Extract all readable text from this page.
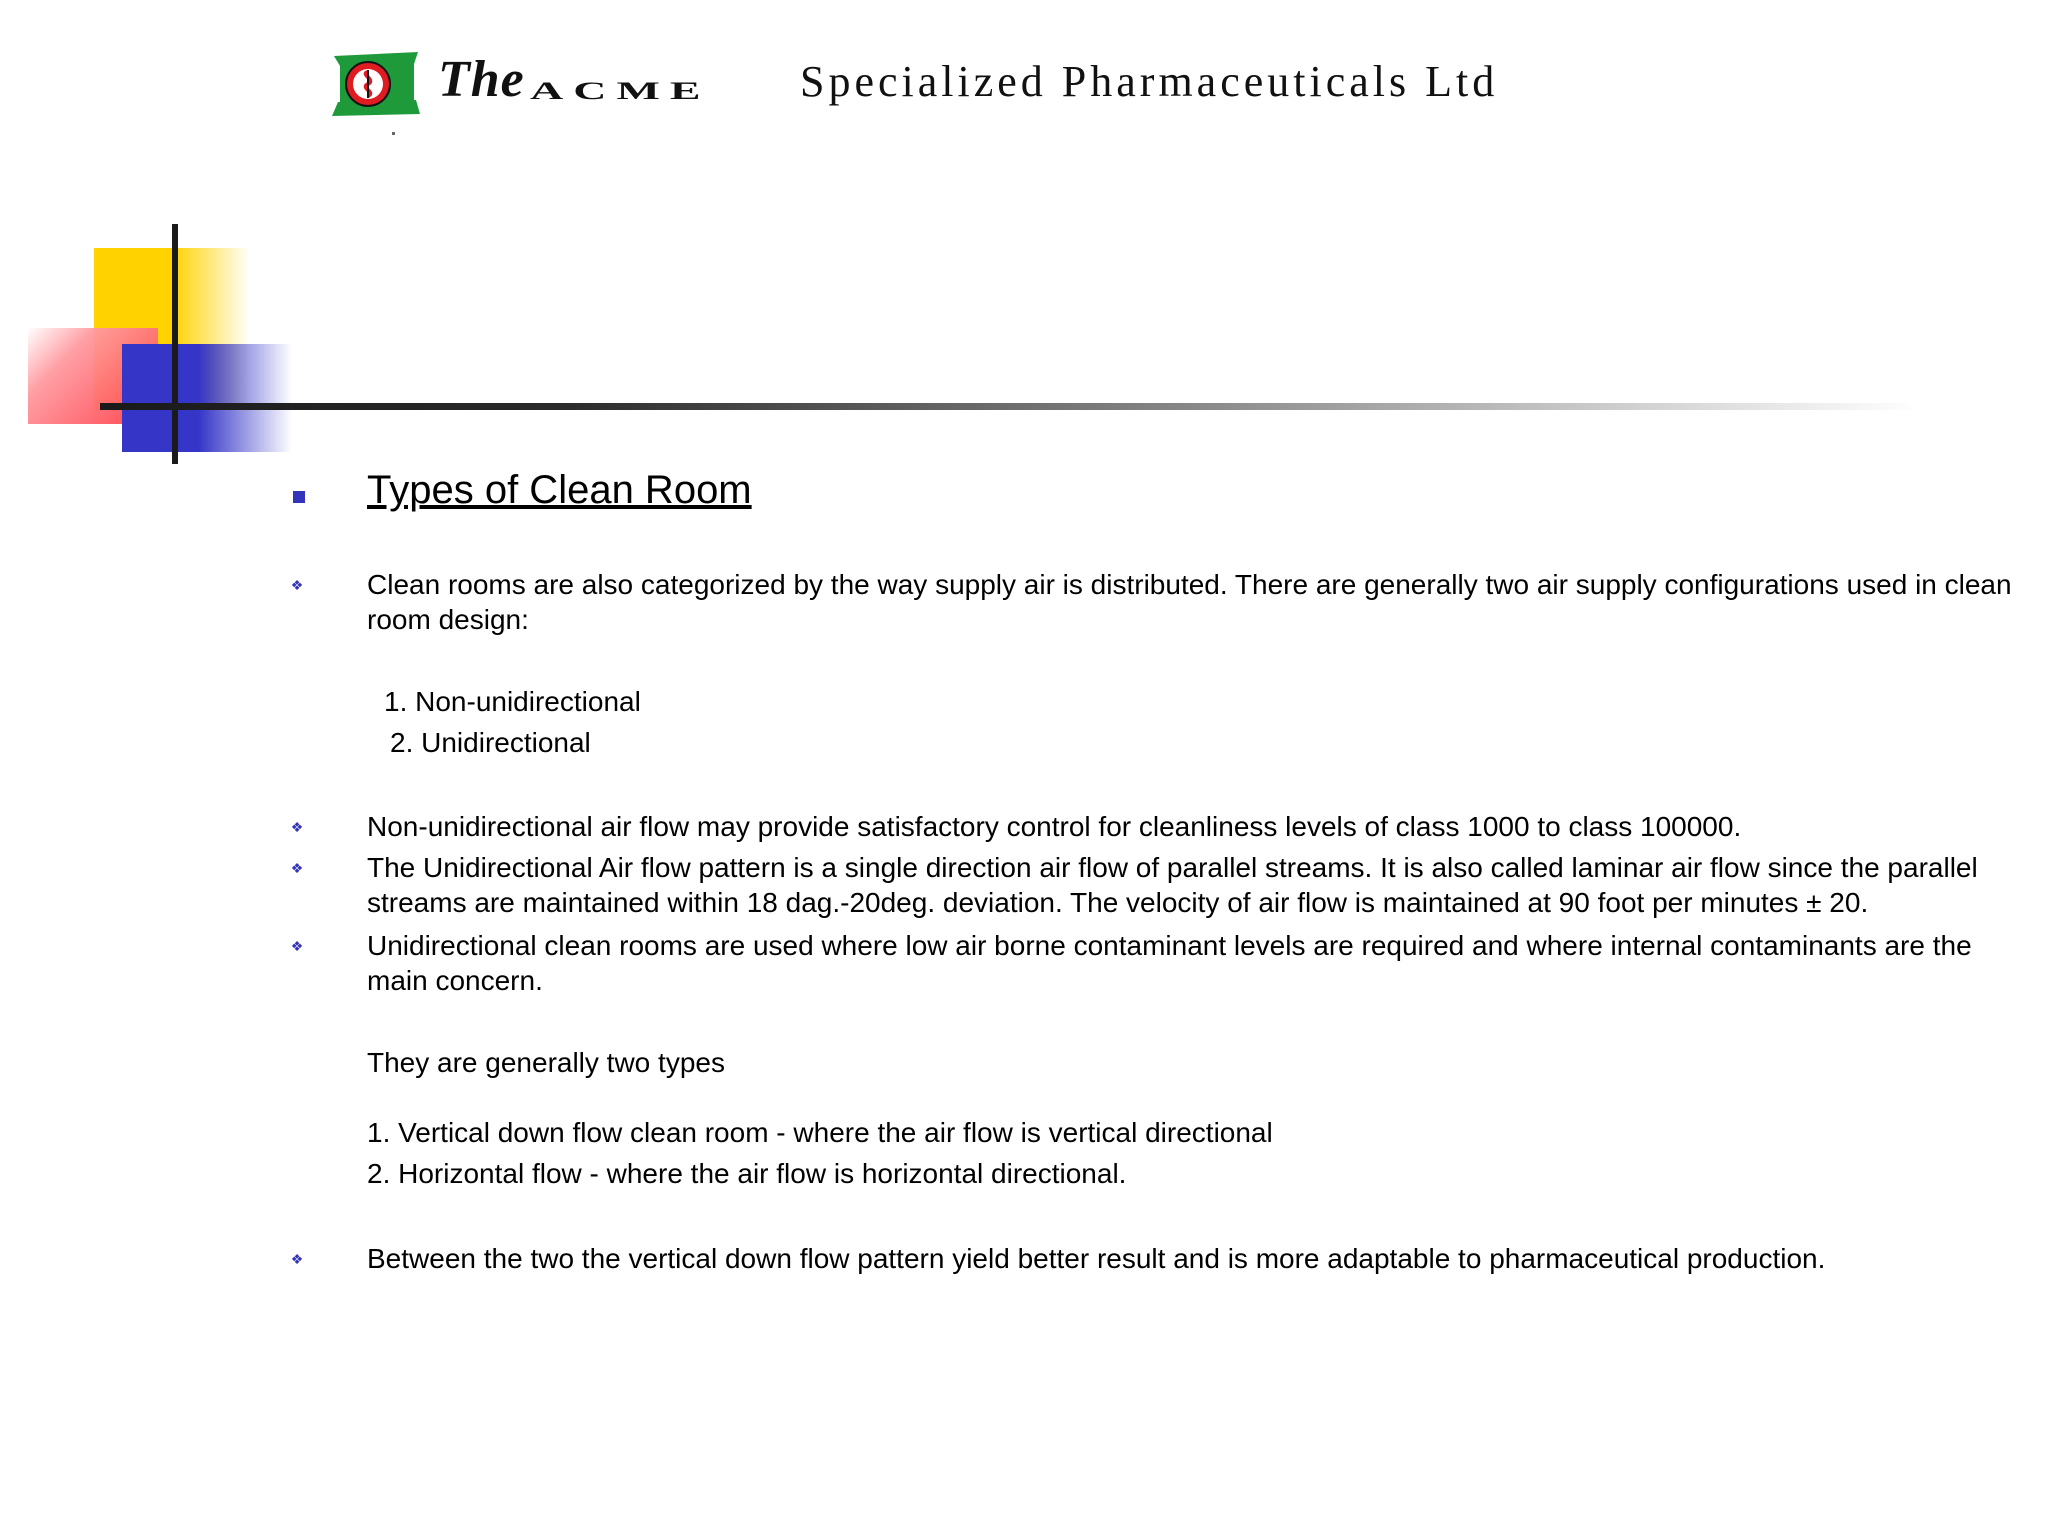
The ACME Specialized Pharmaceuticals Ltd
Types of Clean Room
❖ Clean rooms are also categorized by the way supply air is distributed. There are generally two air supply configurations used in clean room design:
1. Non-unidirectional
2. Unidirectional
❖ Non-unidirectional air flow may provide satisfactory control for cleanliness levels of class 1000 to class 100000.
❖ The Unidirectional Air flow pattern is a single direction air flow of parallel streams. It is also called laminar air flow since the parallel streams are maintained within 18 dag.-20deg. deviation. The velocity of air flow is maintained at 90 foot per minutes ± 20.
❖ Unidirectional clean rooms are used where low air borne contaminant levels are required and where internal contaminants are the main concern.
They are generally two types
1. Vertical down flow clean room - where the air flow is vertical directional
2. Horizontal flow - where the air flow is horizontal directional.
❖ Between the two the vertical down flow pattern yield better result and is more adaptable to pharmaceutical production.
